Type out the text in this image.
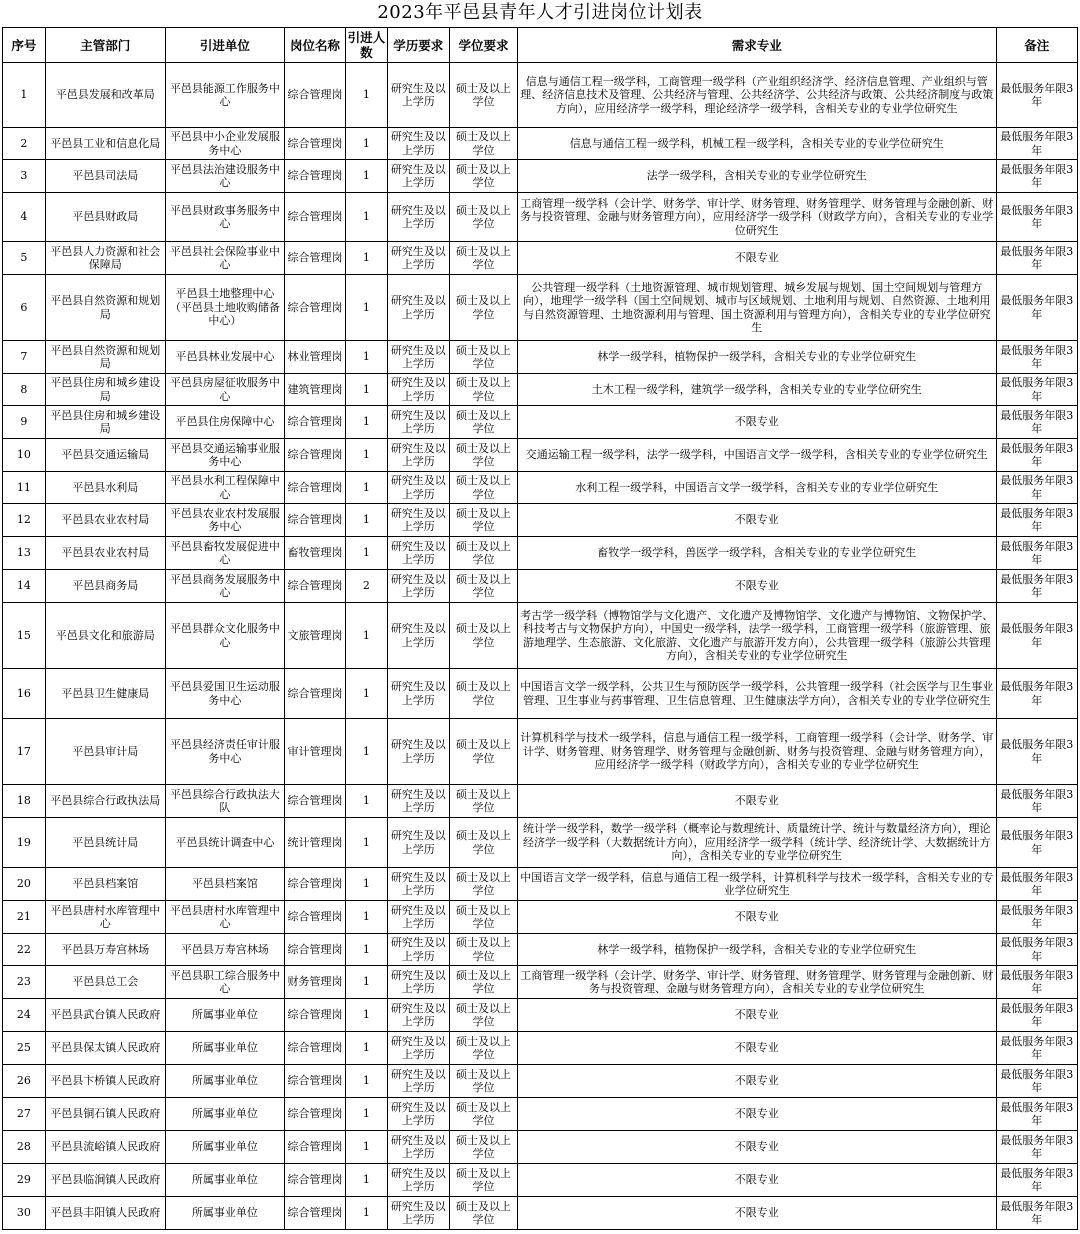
2023年平邑县青年人才引进岗位计划表
序号	主管部门	引进单位	岗位名称	引进人数	学历要求	学位要求	需求专业	备注
1	平邑县发展和改革局	平邑县能源工作服务中心	综合管理岗	1	研究生及以上学历	硕士及以上学位	信息与通信工程一级学科，工商管理一级学科（产业组织经济学、经济信息管理、产业组织与管理、经济信息技术及管理、公共经济与管理、公共经济学、公共经济与政策、公共经济制度与政策方向），应用经济学一级学科，理论经济学一级学科，含相关专业的专业学位研究生	最低服务年限3年
2	平邑县工业和信息化局	平邑县中小企业发展服务中心	综合管理岗	1	研究生及以上学历	硕士及以上学位	信息与通信工程一级学科，机械工程一级学科，含相关专业的专业学位研究生	最低服务年限3年
3	平邑县司法局	平邑县法治建设服务中心	综合管理岗	1	研究生及以上学历	硕士及以上学位	法学一级学科，含相关专业的专业学位研究生	最低服务年限3年
4	平邑县财政局	平邑县财政事务服务中心	综合管理岗	1	研究生及以上学历	硕士及以上学位	工商管理一级学科（会计学、财务学、审计学、财务管理、财务管理学、财务管理与金融创新、财务与投资管理、金融与财务管理方向），应用经济学一级学科（财政学方向），含相关专业的专业学位研究生	最低服务年限3年
5	平邑县人力资源和社会保障局	平邑县社会保险事业中心	综合管理岗	1	研究生及以上学历	硕士及以上学位	不限专业	最低服务年限3年
6	平邑县自然资源和规划局	平邑县土地整理中心（平邑县土地收购储备中心）	综合管理岗	1	研究生及以上学历	硕士及以上学位	公共管理一级学科（土地资源管理、城市规划管理、城乡发展与规划、国土空间规划与管理方向），地理学一级学科（国土空间规划、城市与区域规划、土地利用与规划、自然资源、土地利用与自然资源管理、土地资源利用与管理、国土资源利用与管理方向），含相关专业的专业学位研究生	最低服务年限3年
7	平邑县自然资源和规划局	平邑县林业发展中心	林业管理岗	1	研究生及以上学历	硕士及以上学位	林学一级学科，植物保护一级学科，含相关专业的专业学位研究生	最低服务年限3年
8	平邑县住房和城乡建设局	平邑县房屋征收服务中心	建筑管理岗	1	研究生及以上学历	硕士及以上学位	土木工程一级学科，建筑学一级学科，含相关专业的专业学位研究生	最低服务年限3年
9	平邑县住房和城乡建设局	平邑县住房保障中心	综合管理岗	1	研究生及以上学历	硕士及以上学位	不限专业	最低服务年限3年
10	平邑县交通运输局	平邑县交通运输事业服务中心	综合管理岗	1	研究生及以上学历	硕士及以上学位	交通运输工程一级学科，法学一级学科，中国语言文学一级学科，含相关专业的专业学位研究生	最低服务年限3年
11	平邑县水利局	平邑县水利工程保障中心	综合管理岗	1	研究生及以上学历	硕士及以上学位	水利工程一级学科，中国语言文学一级学科，含相关专业的专业学位研究生	最低服务年限3年
12	平邑县农业农村局	平邑县农业农村发展服务中心	综合管理岗	1	研究生及以上学历	硕士及以上学位	不限专业	最低服务年限3年
13	平邑县农业农村局	平邑县畜牧发展促进中心	畜牧管理岗	1	研究生及以上学历	硕士及以上学位	畜牧学一级学科，兽医学一级学科，含相关专业的专业学位研究生	最低服务年限3年
14	平邑县商务局	平邑县商务发展服务中心	综合管理岗	2	研究生及以上学历	硕士及以上学位	不限专业	最低服务年限3年
15	平邑县文化和旅游局	平邑县群众文化服务中心	文旅管理岗	1	研究生及以上学历	硕士及以上学位	考古学一级学科（博物馆学与文化遗产、文化遗产及博物馆学、文化遗产与博物馆、文物保护学、科技考古与文物保护方向），中国史一级学科，法学一级学科，工商管理一级学科（旅游管理、旅游地理学、生态旅游、文化旅游、文化遗产与旅游开发方向），公共管理一级学科（旅游公共管理方向），含相关专业的专业学位研究生	最低服务年限3年
16	平邑县卫生健康局	平邑县爱国卫生运动服务中心	综合管理岗	1	研究生及以上学历	硕士及以上学位	中国语言文学一级学科，公共卫生与预防医学一级学科，公共管理一级学科（社会医学与卫生事业管理、卫生事业与药事管理、卫生信息管理、卫生健康法学方向），含相关专业的专业学位研究生	最低服务年限3年
17	平邑县审计局	平邑县经济责任审计服务中心	审计管理岗	1	研究生及以上学历	硕士及以上学位	计算机科学与技术一级学科，信息与通信工程一级学科，工商管理一级学科（会计学、财务学、审计学、财务管理、财务管理学、财务管理与金融创新、财务与投资管理、金融与财务管理方向），应用经济学一级学科（财政学方向），含相关专业的专业学位研究生	最低服务年限3年
18	平邑县综合行政执法局	平邑县综合行政执法大队	综合管理岗	1	研究生及以上学历	硕士及以上学位	不限专业	最低服务年限3年
19	平邑县统计局	平邑县统计调查中心	统计管理岗	1	研究生及以上学历	硕士及以上学位	统计学一级学科，数学一级学科（概率论与数理统计、质量统计学、统计与数量经济方向），理论经济学一级学科（大数据统计方向），应用经济学一级学科（统计学、经济统计学、大数据统计方向），含相关专业的专业学位研究生	最低服务年限3年
20	平邑县档案馆	平邑县档案馆	综合管理岗	1	研究生及以上学历	硕士及以上学位	中国语言文学一级学科，信息与通信工程一级学科，计算机科学与技术一级学科，含相关专业的专业学位研究生	最低服务年限3年
21	平邑县唐村水库管理中心	平邑县唐村水库管理中心	综合管理岗	1	研究生及以上学历	硕士及以上学位	不限专业	最低服务年限3年
22	平邑县万寿宫林场	平邑县万寿宫林场	综合管理岗	1	研究生及以上学历	硕士及以上学位	林学一级学科，植物保护一级学科，含相关专业的专业学位研究生	最低服务年限3年
23	平邑县总工会	平邑县职工综合服务中心	财务管理岗	1	研究生及以上学历	硕士及以上学位	工商管理一级学科（会计学、财务学、审计学、财务管理、财务管理学、财务管理与金融创新、财务与投资管理、金融与财务管理方向），含相关专业的专业学位研究生	最低服务年限3年
24	平邑县武台镇人民政府	所属事业单位	综合管理岗	1	研究生及以上学历	硕士及以上学位	不限专业	最低服务年限3年
25	平邑县保太镇人民政府	所属事业单位	综合管理岗	1	研究生及以上学历	硕士及以上学位	不限专业	最低服务年限3年
26	平邑县卞桥镇人民政府	所属事业单位	综合管理岗	1	研究生及以上学历	硕士及以上学位	不限专业	最低服务年限3年
27	平邑县铜石镇人民政府	所属事业单位	综合管理岗	1	研究生及以上学历	硕士及以上学位	不限专业	最低服务年限3年
28	平邑县流峪镇人民政府	所属事业单位	综合管理岗	1	研究生及以上学历	硕士及以上学位	不限专业	最低服务年限3年
29	平邑县临涧镇人民政府	所属事业单位	综合管理岗	1	研究生及以上学历	硕士及以上学位	不限专业	最低服务年限3年
30	平邑县丰阳镇人民政府	所属事业单位	综合管理岗	1	研究生及以上学历	硕士及以上学位	不限专业	最低服务年限3年
